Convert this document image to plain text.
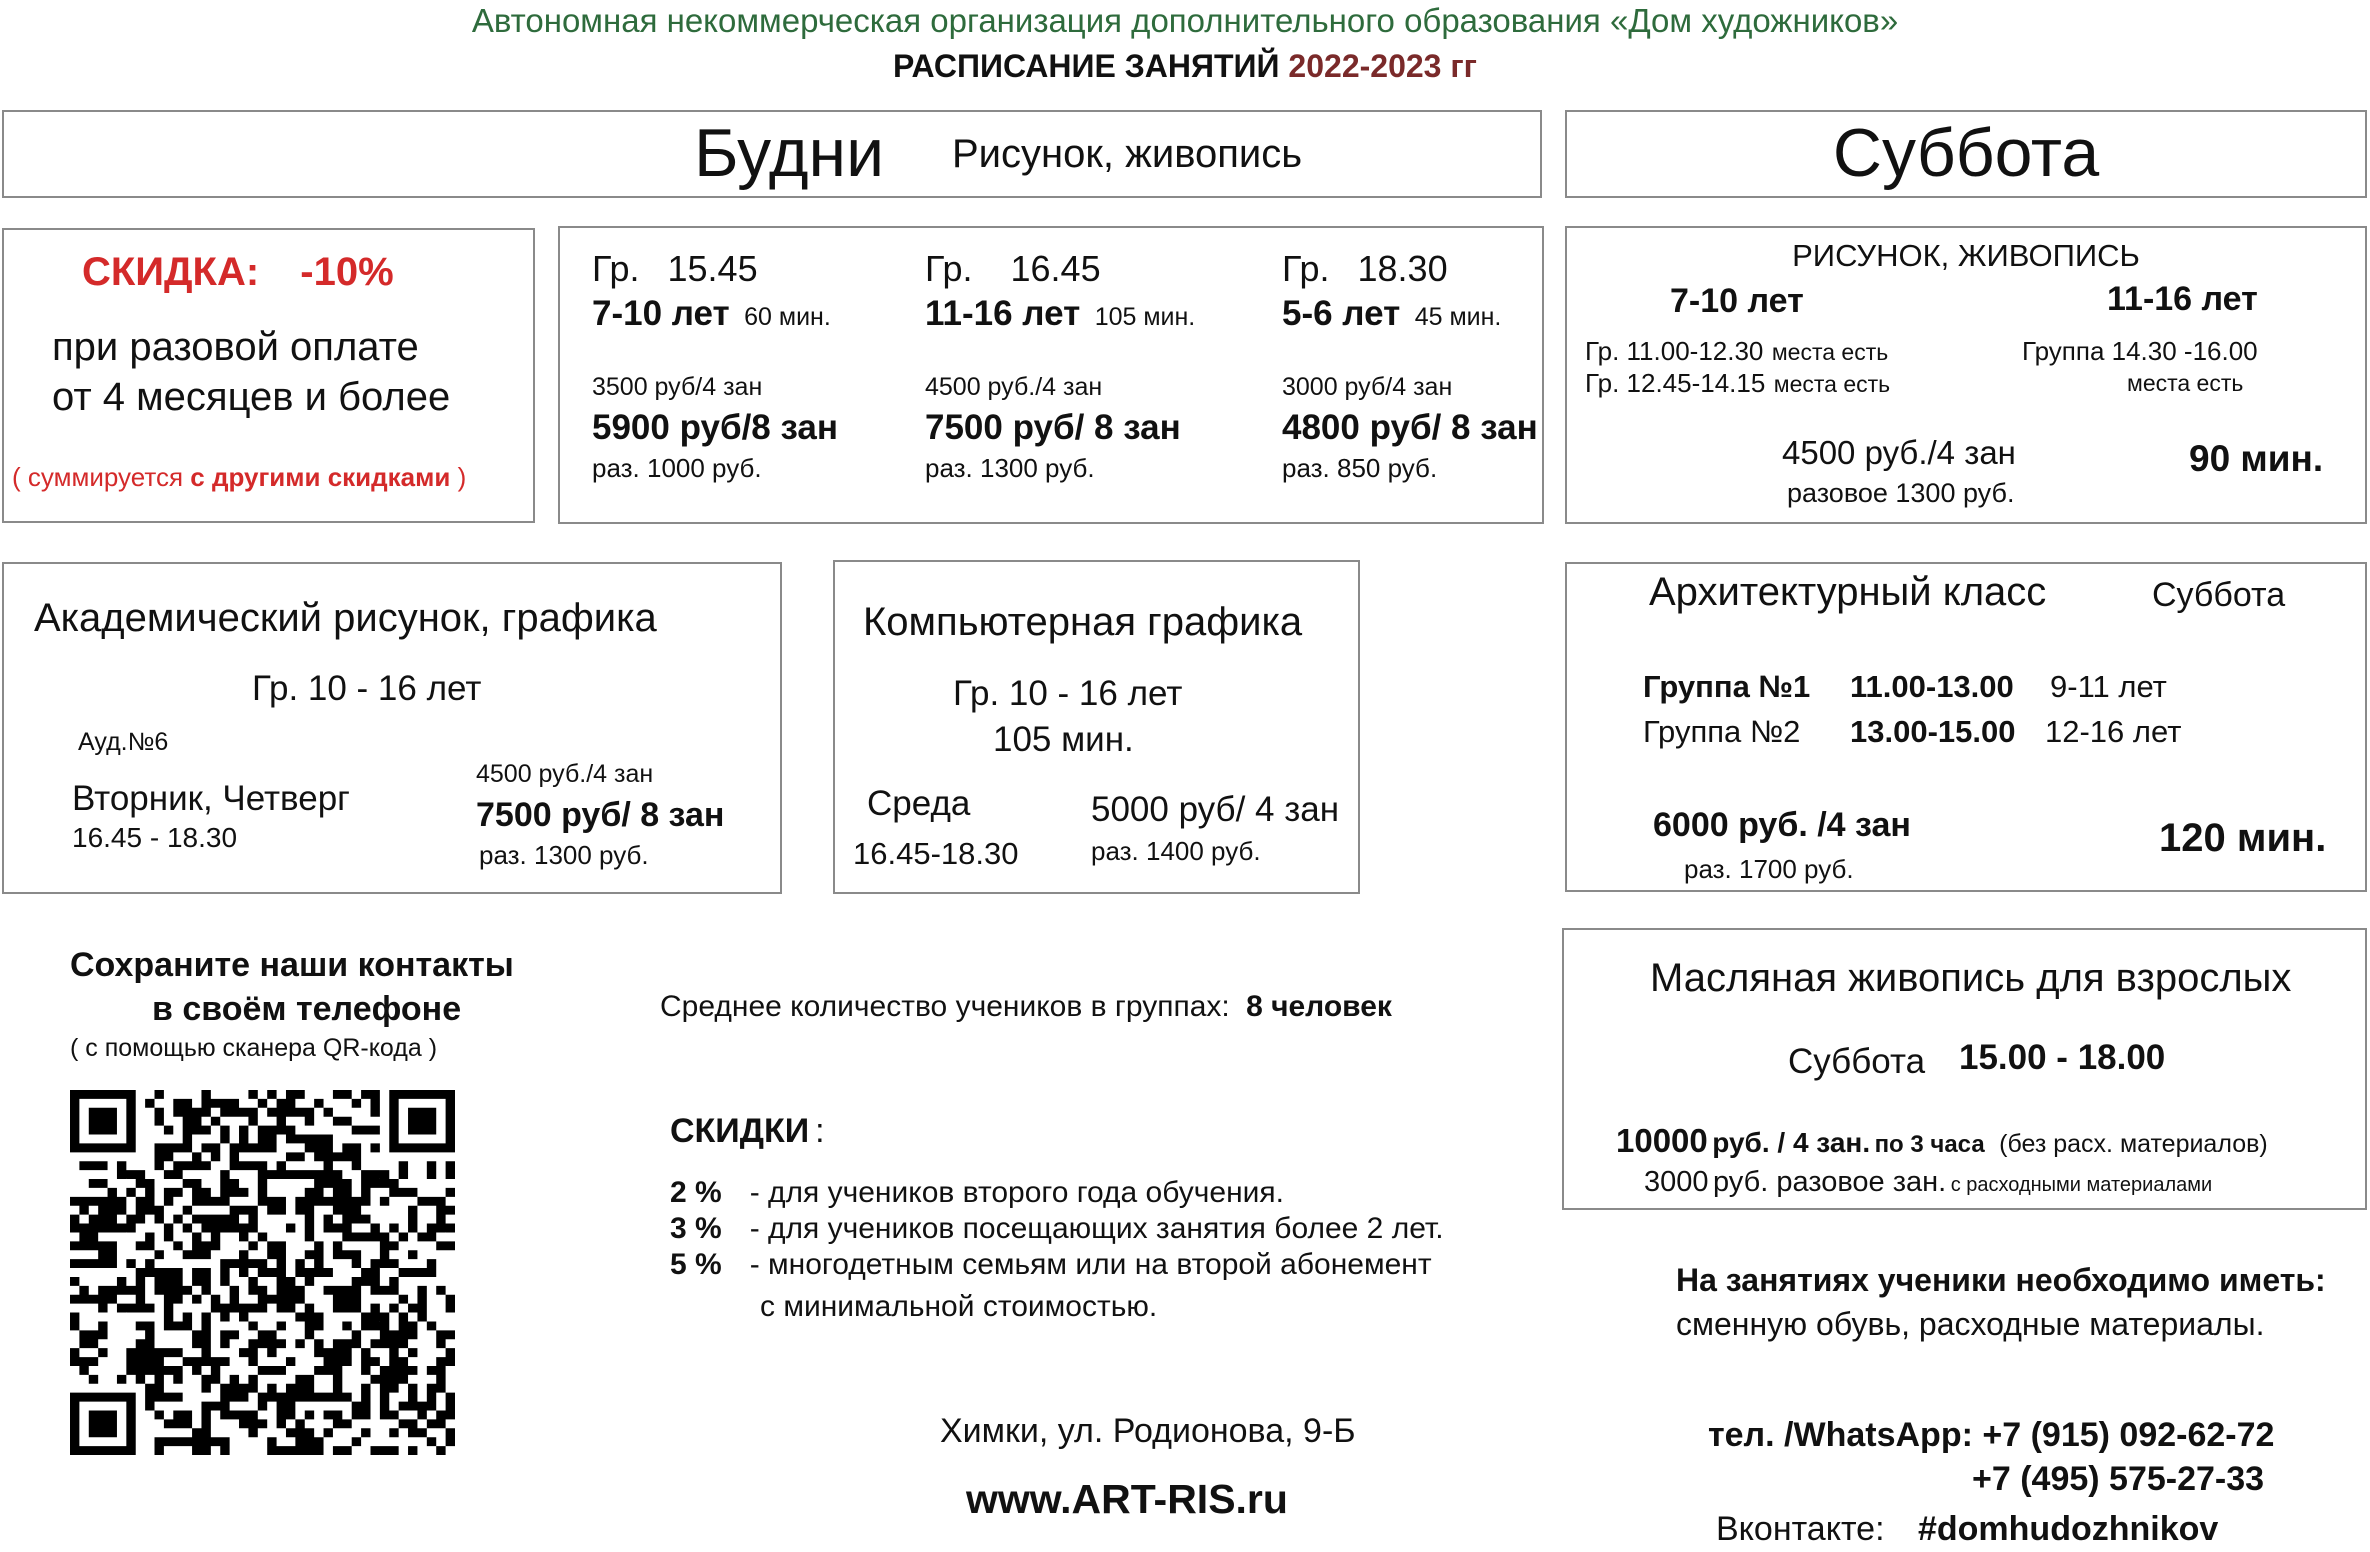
Автономная некоммерческая организация дополнительного образования «Дом художников»
РАСПИСАНИЕ ЗАНЯТИЙ 2022-2023 гг
Будни Рисунок, живопись	Суббота
СКИДКА: -10%
при разовой оплате
от 4 месяцев и более
( суммируется с другими скидками )
Гр. 15.45
7-10 лет 60 мин.
3500 руб/4 зан
5900 руб/8 зан
раз. 1000 руб.
Гр. 16.45
11-16 лет 105 мин.
4500 руб./4 зан
7500 руб/ 8 зан
раз. 1300 руб.
Гр. 18.30
5-6 лет 45 мин.
3000 руб/4 зан
4800 руб/ 8 зан
раз. 850 руб.
РИСУНОК, ЖИВОПИСЬ
7-10 лет
Гр. 11.00-12.30 места есть
Гр. 12.45-14.15 места есть
11-16 лет
Группа 14.30 -16.00
места есть
4500 руб./4 зан
разовое 1300 руб.
90 мин.
Академический рисунок, графика
Гр. 10 - 16 лет
Ауд.№6
Вторник, Четверг
16.45 - 18.30
4500 руб./4 зан
7500 руб/ 8 зан
раз. 1300 руб.
Компьютерная графика
Гр. 10 - 16 лет
105 мин.
Среда
16.45-18.30
5000 руб/ 4 зан
раз. 1400 руб.
Архитектурный класс	Суббота
Группа №1 11.00-13.00 9-11 лет
Группа №2 13.00-15.00 12-16 лет
6000 руб. /4 зан
раз. 1700 руб.
120 мин.
Масляная живопись для взрослых
Суббота 15.00 - 18.00
10000 руб. / 4 зан. по 3 часа (без расх. материалов)
3000 руб. разовое зан. с расходными материалами
Сохраните наши контакты
в своём телефоне
( с помощью сканера QR-кода )
Среднее количество учеников в группах: 8 человек
СКИДКИ :
2 % - для учеников второго года обучения.
3 % - для учеников посещающих занятия более 2 лет.
5 % - многодетным семьям или на второй абонемент
с минимальной стоимостью.
На занятиях ученики необходимо иметь:
сменную обувь, расходные материалы.
Химки, ул. Родионова, 9-Б
www.ART-RIS.ru
тел. /WhatsApp: +7 (915) 092-62-72
+7 (495) 575-27-33
Вконтакте: #domhudozhnikov
